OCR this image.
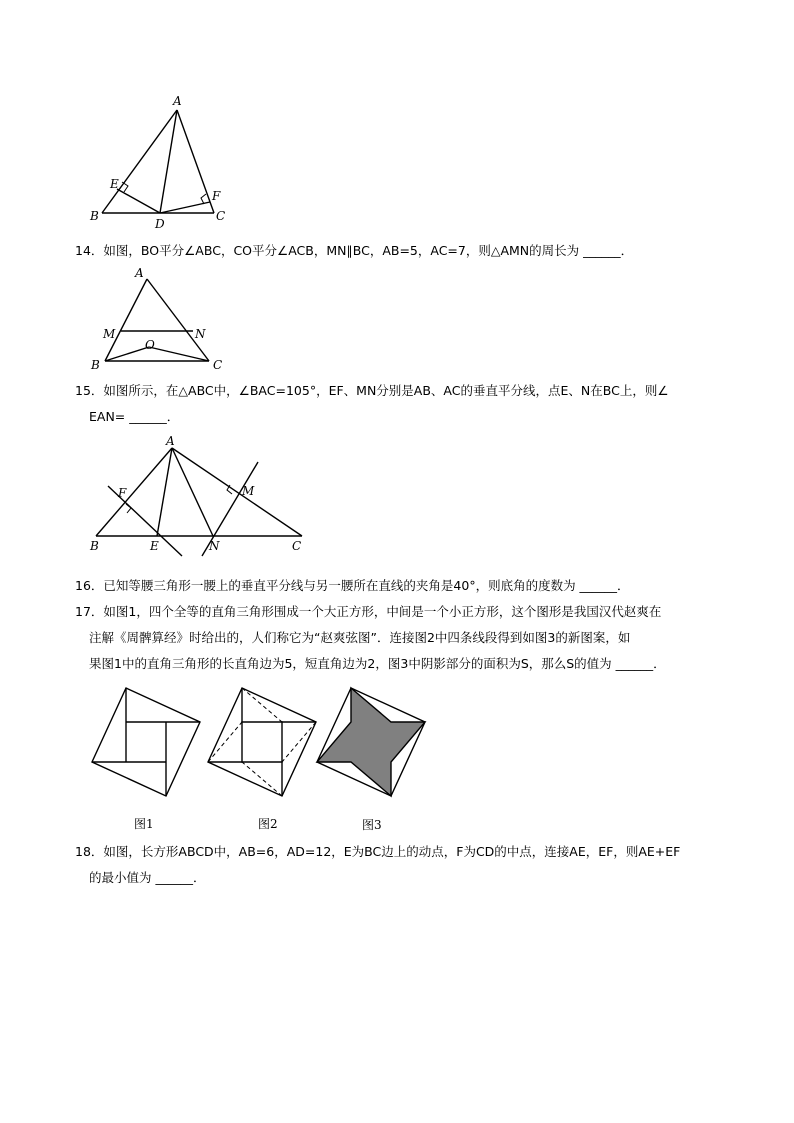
A
B	C
D
E
F
14．如图，BO平分∠ABC，CO平分∠ACB，MN∥BC，AB=5，AC=7，则△AMN的周长为 ______．
A
M	N
O
B	C
15．如图所示，在△ABC中，∠BAC=105°，EF、MN分别是AB、AC的垂直平分线，点E、N在BC上，则∠
EAN= ______．
A
F	M
B	E	N	C
16．已知等腰三角形一腰上的垂直平分线与另一腰所在直线的夹角是40°，则底角的度数为 ______．
17．如图1，四个全等的直角三角形围成一个大正方形，中间是一个小正方形，这个图形是我国汉代赵爽在
注解《周髀算经》时给出的，人们称它为“赵爽弦图”．连接图2中四条线段得到如图3的新图案，如
果图1中的直角三角形的长直角边为5，短直角边为2，图3中阴影部分的面积为S，那么S的值为 ______．
图1	图2	图3
18．如图，长方形ABCD中，AB=6，AD=12，E为BC边上的动点，F为CD的中点，连接AE，EF，则AE+EF
的最小值为 ______．
